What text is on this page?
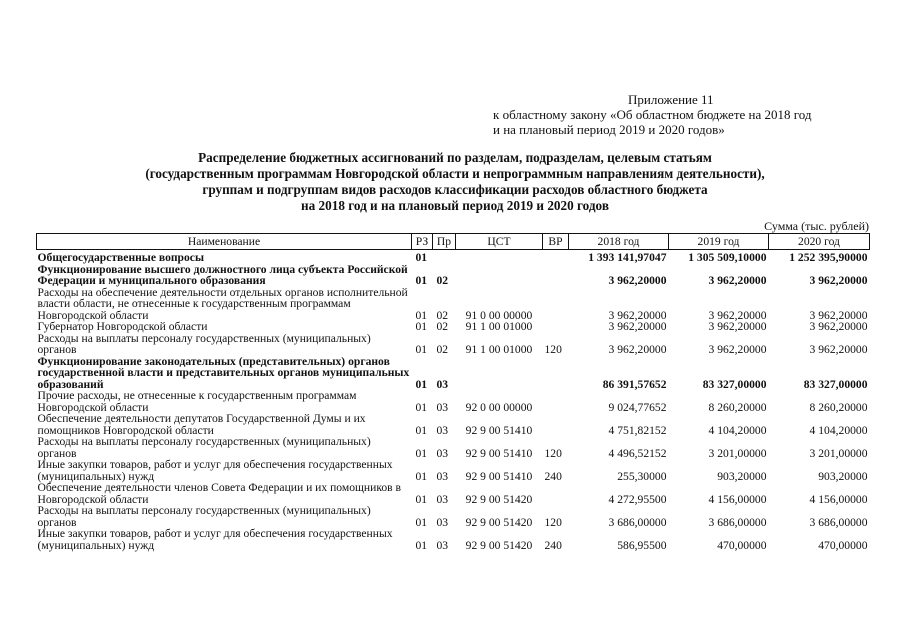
Приложение 11
к областному закону «Об областном бюджете на 2018 год
и на плановый период 2019 и 2020 годов»
Распределение бюджетных ассигнований по разделам, подразделам, целевым статьям
(государственным программам Новгородской области и непрограммным направлениям деятельности),
группам и подгруппам видов расходов классификации расходов областного бюджета
на 2018 год и на плановый период 2019 и 2020 годов
Сумма (тыс. рублей)
Наименование	РЗ	Пр	ЦСТ	ВР	2018 год	2019 год	2020 год
Общегосударственные вопросы	01				1 393 141,97047	1 305 509,10000	1 252 395,90000
Функционирование высшего должностного лица субъекта Российской Федерации и муниципального образования	01	02			3 962,20000	3 962,20000	3 962,20000
Расходы на обеспечение деятельности отдельных органов исполнительной власти области, не отнесенные к государственным программам Новгородской области	01	02	91 0 00 00000		3 962,20000	3 962,20000	3 962,20000
Губернатор Новгородской области	01	02	91 1 00 01000		3 962,20000	3 962,20000	3 962,20000
Расходы на выплаты персоналу государственных (муниципальных) органов	01	02	91 1 00 01000	120	3 962,20000	3 962,20000	3 962,20000
Функционирование законодательных (представительных) органов государственной власти и представительных органов муниципальных образований	01	03			86 391,57652	83 327,00000	83 327,00000
Прочие расходы, не отнесенные к государственным программам Новгородской области	01	03	92 0 00 00000		9 024,77652	8 260,20000	8 260,20000
Обеспечение деятельности депутатов Государственной Думы и их помощников Новгородской области	01	03	92 9 00 51410		4 751,82152	4 104,20000	4 104,20000
Расходы на выплаты персоналу государственных (муниципальных) органов	01	03	92 9 00 51410	120	4 496,52152	3 201,00000	3 201,00000
Иные закупки товаров, работ и услуг для обеспечения государственных (муниципальных) нужд	01	03	92 9 00 51410	240	255,30000	903,20000	903,20000
Обеспечение деятельности членов Совета Федерации и их помощников в Новгородской области	01	03	92 9 00 51420		4 272,95500	4 156,00000	4 156,00000
Расходы на выплаты персоналу государственных (муниципальных) органов	01	03	92 9 00 51420	120	3 686,00000	3 686,00000	3 686,00000
Иные закупки товаров, работ и услуг для обеспечения государственных (муниципальных) нужд	01	03	92 9 00 51420	240	586,95500	470,00000	470,00000
